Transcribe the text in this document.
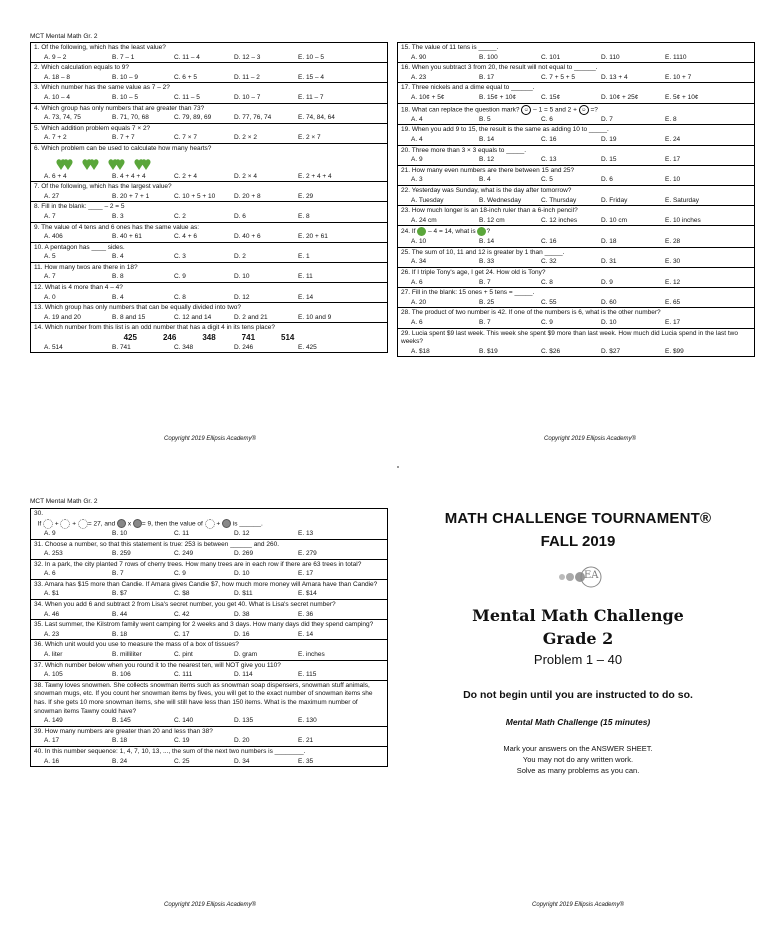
MCT Mental Math Gr. 2
1. Of the following, which has the least value?
A. 9 – 2	B. 7 – 1	C. 11 – 4	D. 12 – 3	E. 10 – 5

2. Which calculation equals to 9?
A. 18 – 8	B. 10 – 9	C. 6 + 5	D. 11 – 2	E. 15 – 4

3. Which number has the same value as 7 – 2?
A. 10 – 4	B. 10 – 5	C. 11 – 5	D. 10 – 7	E. 11 – 7

4. Which group has only numbers that are greater than 73?
A. 73, 74, 75	B. 71, 70, 68	C. 79, 89, 69	D. 77, 76, 74	E. 74, 84, 64

5. Which addition problem equals 7 × 2?
A. 7 + 2	B. 7 + 7	C. 7 × 7	D. 2 × 2	E. 2 × 7

6. Which problem can be used to calculate how many hearts?
A. 6 + 4	B. 4 + 4 + 4	C. 2 + 4	D. 2 × 4	E. 2 + 4 + 4

7. Of the following, which has the largest value?
A. 27	B. 20 + 7 + 1	C. 10 + 5 + 10	D. 20 + 8	E. 29

8. Fill in the blank: ____ – 2 = 5
A. 7	B. 3	C. 2	D. 6	E. 8

9. The value of 4 tens and 6 ones has the same value as:
A. 406	B. 40 + 61	C. 4 + 6	D. 40 + 6	E. 20 + 61

10. A pentagon has ____ sides.
A. 5	B. 4	C. 3	D. 2	E. 1

11. How many twos are there in 18?
A. 7	B. 8	C. 9	D. 10	E. 11

12. What is 4 more than 4 – 4?
A. 0	B. 4	C. 8	D. 12	E. 14

13. Which group has only numbers that can be equally divided into two?
A. 19 and 20	B. 8 and 15	C. 12 and 14	D. 2 and 21	E. 10 and 9

14. Which number from this list is an odd number that has a digit 4 in its tens place?
425	246	348	741	514
A. 514	B. 741	C. 348	D. 246	E. 425
Copyright 2019 Ellipsis Academy®
15. The value of 11 tens is _____.
A. 90	B. 100	C. 101	D. 110	E. 1110

16. When you subtract 3 from 20, the result will not equal to ______.
A. 23	B. 17	C. 7 + 5 + 5	D. 13 + 4	E. 10 + 7

17. Three nickels and a dime equal to ______.
A. 10¢ + 5¢	B. 15¢ + 10¢	C. 15¢	D. 10¢ + 25¢	E. 5¢ + 10¢

18. What can replace the question mark? ☺ – 1 = 5 and 2 + ☺ =?
A. 4	B. 5	C. 6	D. 7	E. 8

19. When you add 9 to 15, the result is the same as adding 10 to _____.
A. 4	B. 14	C. 16	D. 19	E. 24

20. Three more than 3 × 3 equals to _____.
A. 9	B. 12	C. 13	D. 15	E. 17

21. How many even numbers are there between 15 and 25?
A. 3	B. 4	C. 5	D. 6	E. 10

22. Yesterday was Sunday, what is the day after tomorrow?
A. Tuesday	B. Wednesday	C. Thursday	D. Friday	E. Saturday

23. How much longer is an 18-inch ruler than a 6-inch pencil?
A. 24 cm	B. 12 cm	C. 12 inches	D. 10 cm	E. 10 inches

24. If – 4 = 14, what is ?
A. 10	B. 14	C. 16	D. 18	E. 28

25. The sum of 10, 11 and 12 is greater by 1 than _____.
A. 34	B. 33	C. 32	D. 31	E. 30

26. If I triple Tony's age, I get 24. How old is Tony?
A. 6	B. 7	C. 8	D. 9	E. 12

27. Fill in the blank: 15 ones + 5 tens = _____.
A. 20	B. 25	C. 55	D. 60	E. 65

28. The product of two number is 42. If one of the numbers is 6, what is the other number?
A. 6	B. 7	C. 9	D. 10	E. 17

29. Lucia spent $9 last week. This week she spent $9 more than last week. How much did Lucia spend in the last two weeks?
A. $18	B. $19	C. $26	D. $27	E. $99
Copyright 2019 Ellipsis Academy®
MCT Mental Math Gr. 2
30.
If  +  + = 27, and  x = 9, then the value of  +  is ______.
A. 9	B. 10	C. 11	D. 12	E. 13

31. Choose a number, so that this statement is true: 253 is between ______ and 260.
A. 253	B. 259	C. 249	D. 269	E. 279

32. In a park, the city planted 7 rows of cherry trees. How many trees are in each row if there are 63 trees in total?
A. 6	B. 7	C. 9	D. 10	E. 17

33. Amara has $15 more than Candie. If Amara gives Candie $7, how much more money will Amara have than Candie?
A. $1	B. $7	C. $8	D. $11	E. $14

34. When you add 6 and subtract 2 from Lisa's secret number, you get 40. What is Lisa's secret number?
A. 46	B. 44	C. 42	D. 38	E. 36

35. Last summer, the Kilstrom family went camping for 2 weeks and 3 days. How many days did they spend camping?
A. 23	B. 18	C. 17	D. 16	E. 14

36. Which unit would you use to measure the mass of a box of tissues?
A. liter	B. milliliter	C. pint	D. gram	E. inches

37. Which number below when you round it to the nearest ten, will NOT give you 110?
A. 105	B. 106	C. 111	D. 114	E. 115

38. Tawny loves snowmen. She collects snowman items such as snowman soap dispensers, snowman stuff animals, snowman mugs, etc. If you count her snowman items by fives, you will get to the exact number of snowman items she has. If she gets 10 more snowman items, she will still have less than 150 items. What is the maximum number of snowman items Tawny could have?
A. 149	B. 145	C. 140	D. 135	E. 130

39. How many numbers are greater than 20 and less than 38?
A. 17	B. 18	C. 19	D. 20	E. 21

40. In this number sequence: 1, 4, 7, 10, 13, ..., the sum of the next two numbers is ________.
A. 16	B. 24	C. 25	D. 34	E. 35
Copyright 2019 Ellipsis Academy®
MATH CHALLENGE TOURNAMENT®
FALL 2019
EA
Mental Math Challenge
Grade 2
Problem 1 – 40
Do not begin until you are instructed to do so.
Mental Math Challenge (15 minutes)
Mark your answers on the ANSWER SHEET.
You may not do any written work.
Solve as many problems as you can.
Copyright 2019 Ellipsis Academy®
